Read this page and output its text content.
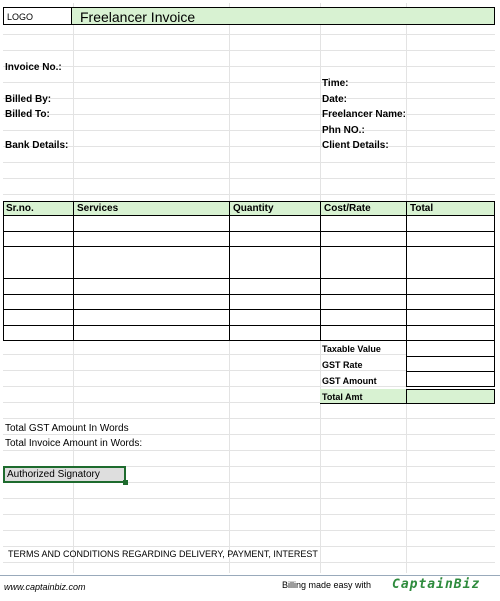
LOGO	Freelancer Invoice
Invoice No.:
Time:
Billed By:	Date:
Billed To:	Freelancer Name:
Phn NO.:
Bank Details:	Client Details:
Sr.no.	Services	Quantity	Cost/Rate	Total
Taxable Value
GST Rate
GST Amount
Total Amt
Total GST Amount In Words
Total Invoice Amount in Words:
Authorized Signatory
TERMS AND CONDITIONS REGARDING DELIVERY, PAYMENT, INTEREST
www.captainbiz.com	Billing made easy with CaptainBiz
